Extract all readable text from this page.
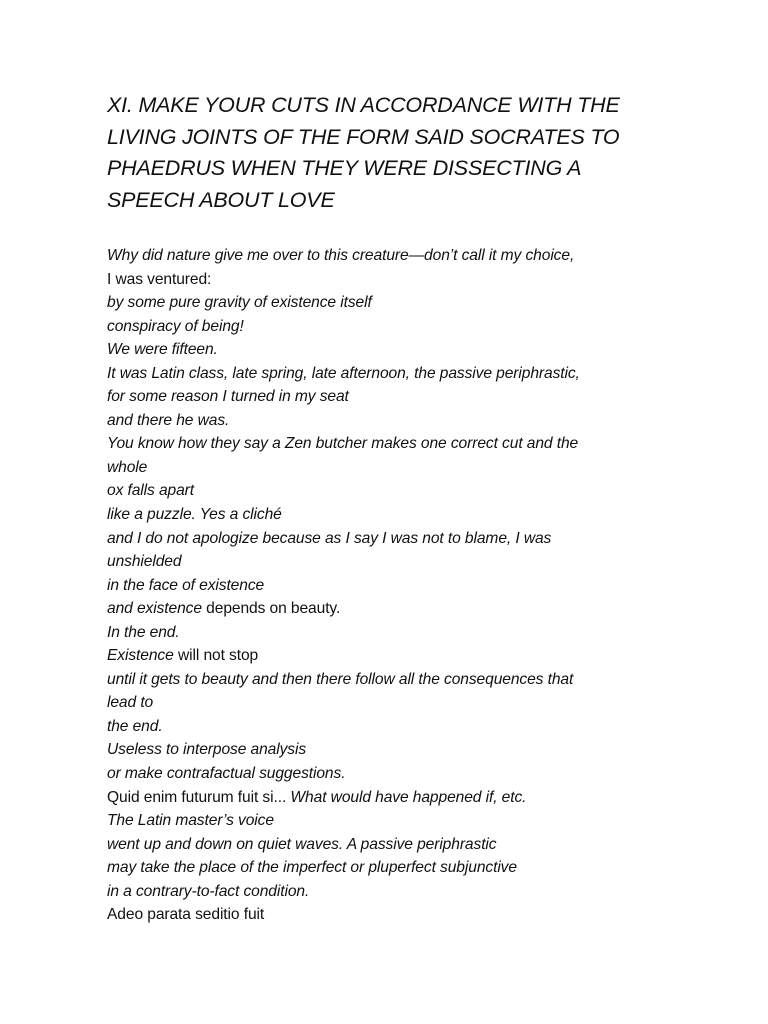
XI. MAKE YOUR CUTS IN ACCORDANCE WITH THE
LIVING JOINTS OF THE FORM SAID SOCRATES TO
PHAEDRUS WHEN THEY WERE DISSECTING A
SPEECH ABOUT LOVE
Why did nature give me over to this creature—don’t call it my choice,
I was ventured:
by some pure gravity of existence itself
conspiracy of being!
We were fifteen.
It was Latin class, late spring, late afternoon, the passive periphrastic,
for some reason I turned in my seat
and there he was.
You know how they say a Zen butcher makes one correct cut and the
whole
ox falls apart
like a puzzle. Yes a cliché
and I do not apologize because as I say I was not to blame, I was
unshielded
in the face of existence
and existence depends on beauty.
In the end.
Existence will not stop
until it gets to beauty and then there follow all the consequences that
lead to
the end.
Useless to interpose analysis
or make contrafactual suggestions.
Quid enim futurum fuit si... What would have happened if, etc.
The Latin master’s voice
went up and down on quiet waves. A passive periphrastic
may take the place of the imperfect or pluperfect subjunctive
in a contrary-to-fact condition.
Adeo parata seditio fuit
